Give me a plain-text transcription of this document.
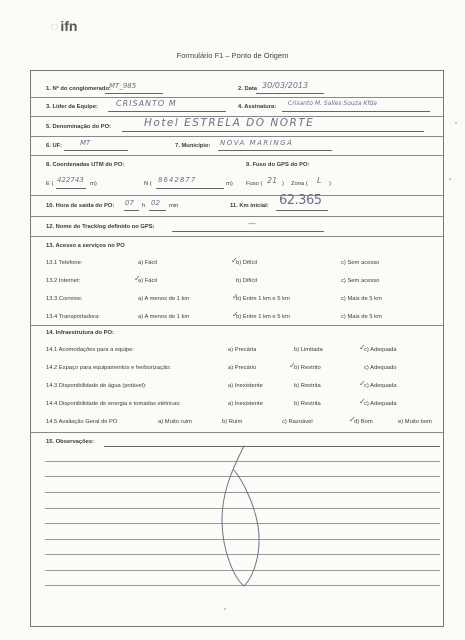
◌ ifn
Formulário F1 – Ponto de Origem
1. Nº do conglomerado:
MT_985	2. Data 30/03/2013
3. Líder da Equipe: CRISANTO M	4. Assinatura: Crisanto M. Salles Souza Kfda
5. Denominação do PO:	Hotel ESTRELA DO NORTE
6. UF:	MT	7. Município: NOVA MARINGÁ
8. Coordenadas UTM do PO:	9. Fuso do GPS do PO:
E ( 422743 m)	N ( 8642877	m) Fuso ( 21 ) Zona ( L )
10. Hora de saída do PO: 07 h 02 min	11. Km inicial: 62.365
12. Nome do Tracklog definido no GPS:	—
13. Acesso a serviços no PO
13.1 Telefone:	a) Fácil	b) Difícil	c) Sem acesso
✓
13.2 Internet:	a) Fácil	b) Difícil	c) Sem acesso
✓
13.3 Correios:	a) A menos de 1 km	b) Entre 1 km e 5 km	c) Mais de 5 km
✓
13.4 Transportadora:	a) A menos de 1 km	b) Entre 1 km e 5 km	c) Mais de 5 km
✓
14. Infraestrutura do PO:
14.1 Acomodações para a equipe:	a) Precária	b) Limitada	c) Adequada
✓
14.2 Espaço para equipamentos e herborização:	a) Precário	b) Restrito	c) Adequado
✓
14.3 Disponibilidade de água (potável):	a) Inexistente	b) Restrita	c) Adequada
✓
14.4 Disponibilidade de energia e tomadas elétricas:	a) Inexistente	b) Restrita	c) Adequada
✓
14.5 Avaliação Geral do PO	a) Muito ruim	b) Ruim	c) Razoável	d) Bom	e) Muito bom
✓
15. Observações:
